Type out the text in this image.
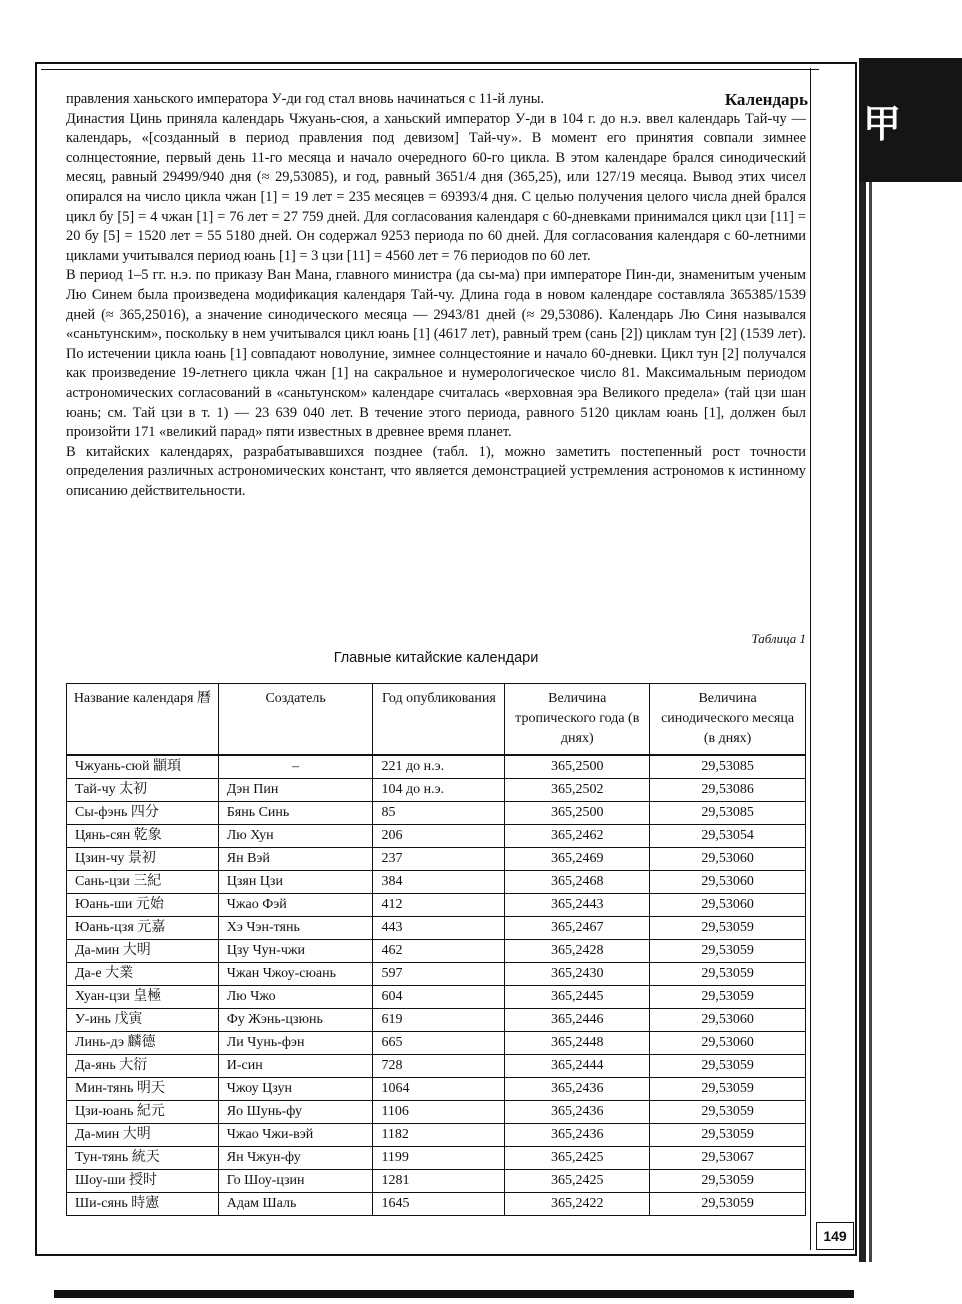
甲
Календарь

правления ханьского императора У-ди год стал вновь начинаться с 11-й луны.

Династия Цинь приняла календарь Чжуань-сюя, а ханьский император У-ди в 104 г. до н.э. ввел календарь Тай-чу — календарь, «[созданный в период правления под девизом] Тай-чу». В момент его принятия совпали зимнее солнцестояние, первый день 11-го месяца и начало очередного 60-го цикла. В этом календаре брался синодический месяц, равный 29499/940 дня (≈ 29,53085), и год, равный 3651/4 дня (365,25), или 127/19 месяца. Вывод этих чисел опирался на число цикла чжан [1] = 19 лет = 235 месяцев = 69393/4 дня. С целью получения целого числа дней брался цикл бу [5] = 4 чжан [1] = 76 лет = 27 759 дней. Для согласования календаря с 60-дневками принимался цикл цзи [11] = 20 бу [5] = 1520 лет = 55 5180 дней. Он содержал 9253 периода по 60 дней. Для согласования календаря с 60-летними циклами учитывался период юань [1] = 3 цзи [11] = 4560 лет = 76 периодов по 60 лет.

В период 1–5 гг. н.э. по приказу Ван Мана, главного министра (да сы-ма) при императоре Пин-ди, знаменитым ученым Лю Синем была произведена модификация календаря Тай-чу. Длина года в новом календаре составляла 365385/1539 дней (≈ 365,25016), а значение синодического месяца — 2943/81 дней (≈ 29,53086). Календарь Лю Синя назывался «саньтунским», поскольку в нем учитывался цикл юань [1] (4617 лет), равный трем (сань [2]) циклам тун [2] (1539 лет). По истечении цикла юань [1] совпадают новолуние, зимнее солнцестояние и начало 60-дневки. Цикл тун [2] получался как произведение 19-летнего цикла чжан [1] на сакральное и нумерологическое число 81. Максимальным периодом астрономических согласований в «саньтунском» календаре считалась «верховная эра Великого предела» (тай цзи шан юань; см. Тай цзи в т. 1) — 23 639 040 лет. В течение этого периода, равного 5120 циклам юань [1], должен был произойти 171 «великий парад» пяти известных в древнее время планет.

В китайских календарях, разрабатывавшихся позднее (табл. 1), можно заметить постепенный рост точности определения различных астрономических констант, что является демонстрацией устремления астрономов к истинному описанию действительности.

Таблица 1
Главные китайские календари
Название календаря 曆	Создатель	Год опубликования	Величина тропического года (в днях)	Величина синодического месяца (в днях)
Чжуань-сюй 顓頊	–	221 до н.э.	365,2500	29,53085
Тай-чу 太初	Дэн Пин	104 до н.э.	365,2502	29,53086
Сы-фэнь 四分	Бянь Синь	85	365,2500	29,53085
Цянь-сян 乾象	Лю Хун	206	365,2462	29,53054
Цзин-чу 景初	Ян Вэй	237	365,2469	29,53060
Сань-цзи 三紀	Цзян Цзи	384	365,2468	29,53060
Юань-ши 元始	Чжао Фэй	412	365,2443	29,53060
Юань-цзя 元嘉	Хэ Чэн-тянь	443	365,2467	29,53059
Да-мин 大明	Цзу Чун-чжи	462	365,2428	29,53059
Да-е 大業	Чжан Чжоу-сюань	597	365,2430	29,53059
Хуан-цзи 皇極	Лю Чжо	604	365,2445	29,53059
У-инь 戊寅	Фу Жэнь-цзюнь	619	365,2446	29,53060
Линь-дэ 麟德	Ли Чунь-фэн	665	365,2448	29,53060
Да-янь 大衍	И-син	728	365,2444	29,53059
Мин-тянь 明天	Чжоу Цзун	1064	365,2436	29,53059
Цзи-юань 紀元	Яо Шунь-фу	1106	365,2436	29,53059
Да-мин 大明	Чжао Чжи-вэй	1182	365,2436	29,53059
Тун-тянь 統天	Ян Чжун-фу	1199	365,2425	29,53067
Шоу-ши 授时	Го Шоу-цзин	1281	365,2425	29,53059
Ши-сянь 時憲	Адам Шаль	1645	365,2422	29,53059
149
